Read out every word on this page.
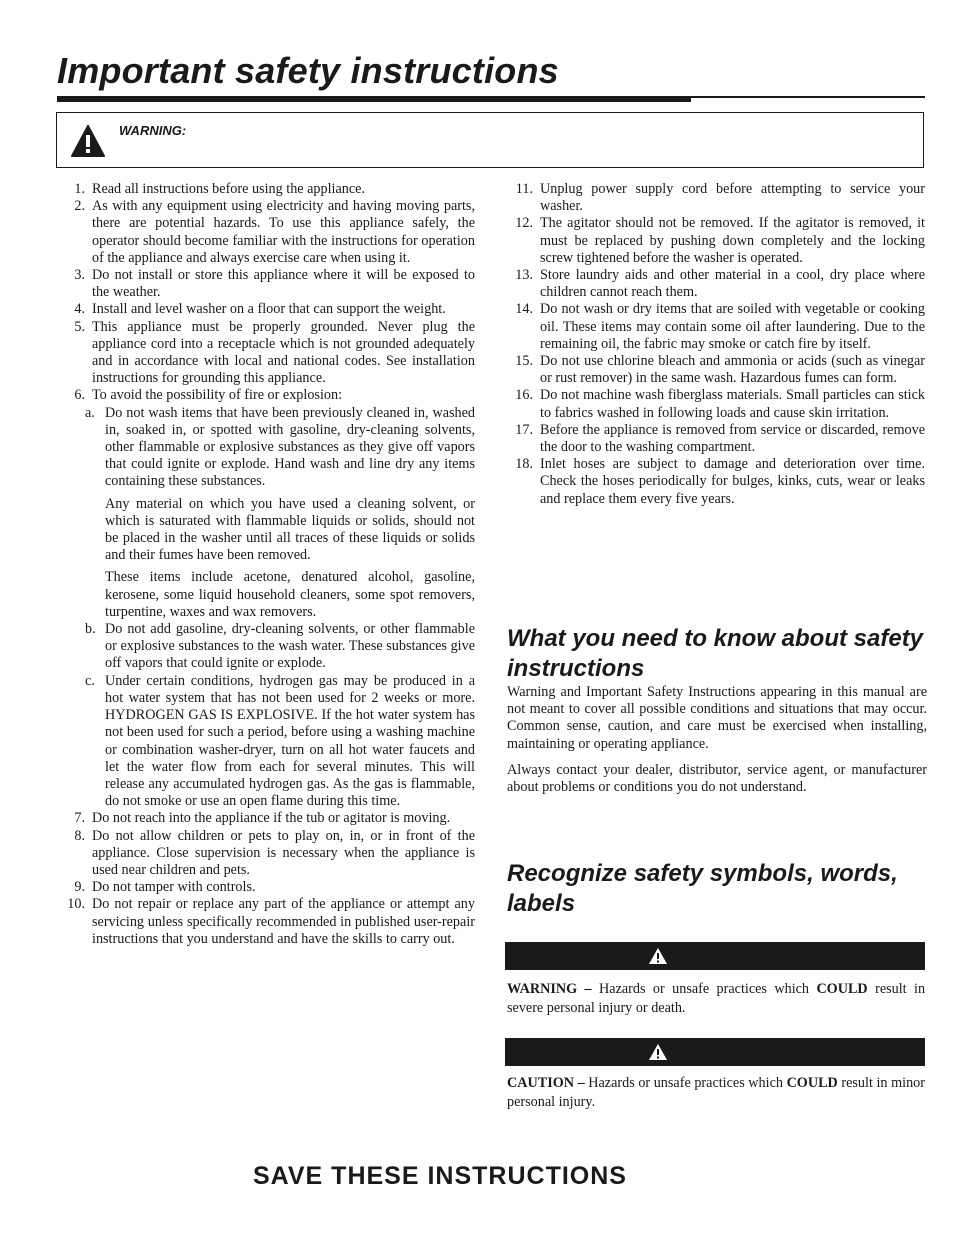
Important safety instructions
WARNING:
1. Read all instructions before using the appliance.
2. As with any equipment using electricity and having moving parts, there are potential hazards. To use this appliance safely, the operator should become familiar with the instructions for operation of the appliance and always exercise care when using it.
3. Do not install or store this appliance where it will be exposed to the weather.
4. Install and level washer on a floor that can support the weight.
5. This appliance must be properly grounded. Never plug the appliance cord into a receptacle which is not grounded adequately and in accordance with local and national codes. See installation instructions for grounding this appliance.
6. To avoid the possibility of fire or explosion:
a. Do not wash items that have been previously cleaned in, washed in, soaked in, or spotted with gasoline, dry-cleaning solvents, other flammable or explosive substances as they give off vapors that could ignite or explode. Hand wash and line dry any items containing these substances.

Any material on which you have used a cleaning solvent, or which is saturated with flammable liquids or solids, should not be placed in the washer until all traces of these liquids or solids and their fumes have been removed.

These items include acetone, denatured alcohol, gasoline, kerosene, some liquid household cleaners, some spot removers, turpentine, waxes and wax removers.

b. Do not add gasoline, dry-cleaning solvents, or other flammable or explosive substances to the wash water. These substances give off vapors that could ignite or explode.
c. Under certain conditions, hydrogen gas may be produced in a hot water system that has not been used for 2 weeks or more. HYDROGEN GAS IS EXPLOSIVE. If the hot water system has not been used for such a period, before using a washing machine or combination washer-dryer, turn on all hot water faucets and let the water flow from each for several minutes. This will release any accumulated hydrogen gas. As the gas is flammable, do not smoke or use an open flame during this time.
7. Do not reach into the appliance if the tub or agitator is moving.
8. Do not allow children or pets to play on, in, or in front of the appliance. Close supervision is necessary when the appliance is used near children and pets.
9. Do not tamper with controls.
10. Do not repair or replace any part of the appliance or attempt any servicing unless specifically recommended in published user-repair instructions that you understand and have the skills to carry out.
11. Unplug power supply cord before attempting to service your washer.
12. The agitator should not be removed. If the agitator is removed, it must be replaced by pushing down completely and the locking screw tightened before the washer is operated.
13. Store laundry aids and other material in a cool, dry place where children cannot reach them.
14. Do not wash or dry items that are soiled with vegetable or cooking oil. These items may contain some oil after laundering. Due to the remaining oil, the fabric may smoke or catch fire by itself.
15. Do not use chlorine bleach and ammonia or acids (such as vinegar or rust remover) in the same wash. Hazardous fumes can form.
16. Do not machine wash fiberglass materials. Small particles can stick to fabrics washed in following loads and cause skin irritation.
17. Before the appliance is removed from service or discarded, remove the door to the washing compartment.
18. Inlet hoses are subject to damage and deterioration over time. Check the hoses periodically for bulges, kinks, cuts, wear or leaks and replace them every five years.
What you need to know about safety instructions

Warning and Important Safety Instructions appearing in this manual are not meant to cover all possible conditions and situations that may occur. Common sense, caution, and care must be exercised when installing, maintaining or operating appliance.

Always contact your dealer, distributor, service agent, or manufacturer about problems or conditions you do not understand.

Recognize safety symbols, words, labels

WARNING – Hazards or unsafe practices which COULD result in severe personal injury or death.

CAUTION – Hazards or unsafe practices which COULD result in minor personal injury.

SAVE THESE INSTRUCTIONS
